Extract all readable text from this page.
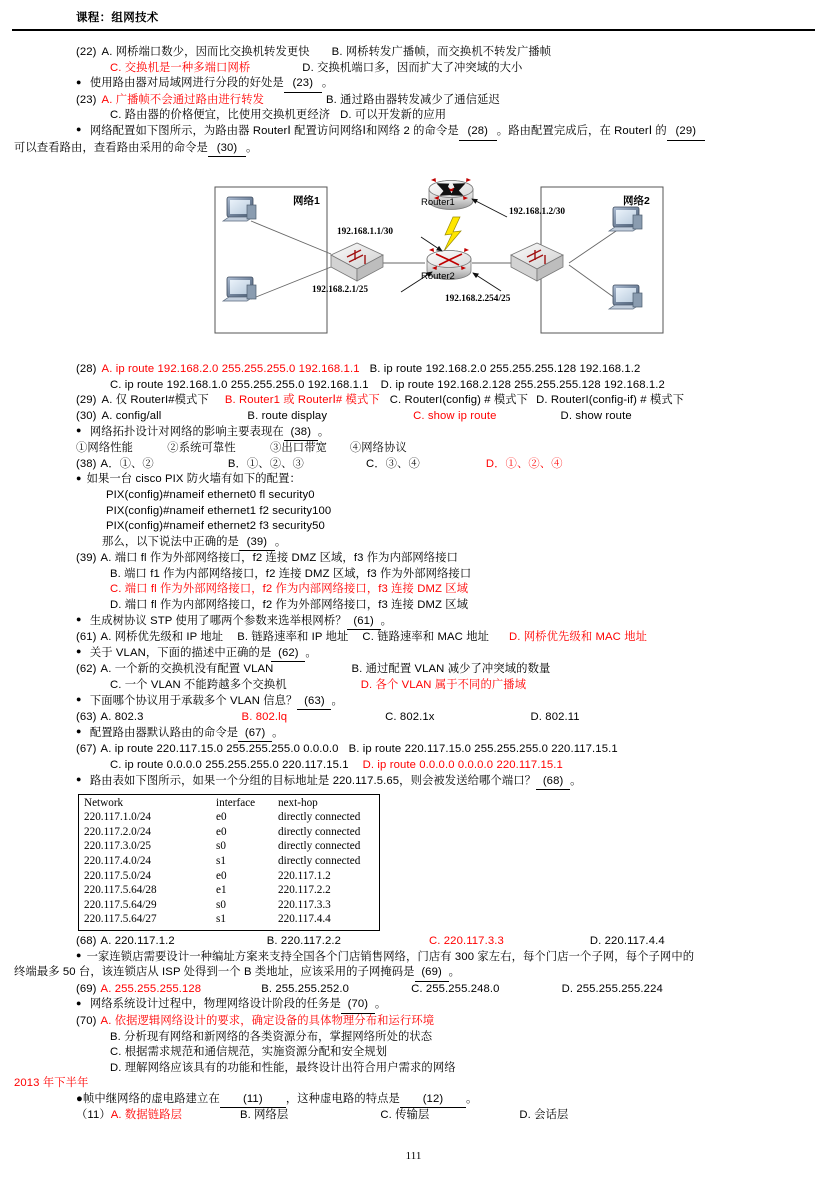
课程：组网技术
(22) A. 网桥端口数少，因而比交换机转发更快 B. 网桥转发广播帧，而交换机不转发广播帧
C. 交换机是一种多端口网桥	D. 交换机端口多，因而扩大了冲突域的大小
● 使用路由器对局域网进行分段的好处是 (23) 。
(23) A. 广播帧不会通过路由进行转发	B. 通过路由器转发减少了通信延迟
C. 路由器的价格便宜，比使用交换机更经济 D. 可以开发新的应用
● 网络配置如下图所示，为路由器 RouterⅠ 配置访问网络Ⅰ和网络 2 的命令是 (28) 。路由配置完成后，在 RouterⅠ 的 (29)
可以查看路由，查看路由采用的命令是 (30) 。
网络1	网络2
Router1
Router2
192.168.1.2/30
192.168.1.1/30
192.168.2.1/25
192.168.2.254/25
(28) A. ip route 192.168.2.0 255.255.255.0 192.168.1.1 B. ip route 192.168.2.0 255.255.255.128 192.168.1.2
C. ip route 192.168.1.0 255.255.255.0 192.168.1.1 D. ip route 192.168.2.128 255.255.255.128 192.168.1.2
(29) A. 仅 RouterI#模式下 B. Router1 或 RouterⅠ# 模式下 C. RouterI(config) # 模式下 D. RouterI(config-if) # 模式下
(30) A. config/all	B. route display	C. show ip route	D. show route
● 网络拓扑设计对网络的影响主要表现在 (38) 。
①网络性能　　　②系统可靠性　　　③出口带宽　　④网络协议
(38) A．①、②	B．①、②、③	C．③、④	D．①、②、④
● 如果一台 cisco PIX 防火墙有如下的配置：
PIX(config)#nameif ethernet0 fl security0
PIX(config)#nameif ethernet1 f2 security100
PIX(config)#nameif ethernet2 f3 security50
那么，以下说法中正确的是 (39) 。
(39) A. 端口 fl 作为外部网络接口，f2 连接 DMZ 区域，f3 作为内部网络接口
B. 端口 f1 作为内部网络接口，f2 连接 DMZ 区域，f3 作为外部网络接口
C. 端口 fl 作为外部网络接口，f2 作为内部网络接口，f3 连接 DMZ 区域
D. 端口 fl 作为内部网络接口，f2 作为外部网络接口，f3 连接 DMZ 区域
● 生成树协议 STP 使用了哪两个参数来选举根网桥？ (61) 。
(61) A. 网桥优先级和 IP 地址 B. 链路速率和 IP 地址 C. 链路速率和 MAC 地址 D. 网桥优先级和 MAC 地址
● 关于 VLAN，下面的描述中正确的是 (62) 。
(62) A. 一个新的交换机没有配置 VLAN	B. 通过配置 VLAN 减少了冲突域的数量
C. 一个 VLAN 不能跨越多个交换机	D. 各个 VLAN 属于不同的广播域
● 下面哪个协议用于承载多个 VLAN 信息？ (63) 。
(63) A. 802.3	B. 802.lq	C. 802.1x	D. 802.11
● 配置路由器默认路由的命令是 (67) 。
(67) A. ip route 220.117.15.0 255.255.255.0 0.0.0.0 B. ip route 220.117.15.0 255.255.255.0 220.117.15.1
C. ip route 0.0.0.0 255.255.255.0 220.117.15.1 D. ip route 0.0.0.0 0.0.0.0 220.117.15.1
● 路由表如下图所示，如果一个分组的目标地址是 220.117.5.65，则会被发送给哪个端口？ (68) 。
Network	interface	next-hop
220.117.1.0/24	e0	directly connected
220.117.2.0/24	e0	directly connected
220.117.3.0/25	s0	directly connected
220.117.4.0/24	s1	directly connected
220.117.5.0/24	e0	220.117.1.2
220.117.5.64/28	e1	220.117.2.2
220.117.5.64/29	s0	220.117.3.3
220.117.5.64/27	s1	220.117.4.4
(68) A. 220.117.1.2	B. 220.117.2.2	C. 220.117.3.3	D. 220.117.4.4
● 一家连锁店需要设计一种编址方案来支持全国各个门店销售网络，门店有 300 家左右，每个门店一个子网，每个子网中的
终端最多 50 台，该连锁店从 ISP 处得到一个 B 类地址，应该采用的子网掩码是 (69) 。
(69) A. 255.255.255.128	B. 255.255.252.0	C. 255.255.248.0	D. 255.255.255.224
● 网络系统设计过程中，物理网络设计阶段的任务是 (70) 。
(70) A. 依据逻辑网络设计的要求，确定设备的具体物理分布和运行环境
B. 分析现有网络和新网络的各类资源分布，掌握网络所处的状态
C. 根据需求规范和通信规范，实施资源分配和安全规划
D. 理解网络应该具有的功能和性能，最终设计出符合用户需求的网络
2013 年下半年
●帧中继网络的虚电路建立在 (11) ，这种虚电路的特点是 (12) 。
（11）A. 数据链路层	B. 网络层	C. 传输层	D. 会话层
111
